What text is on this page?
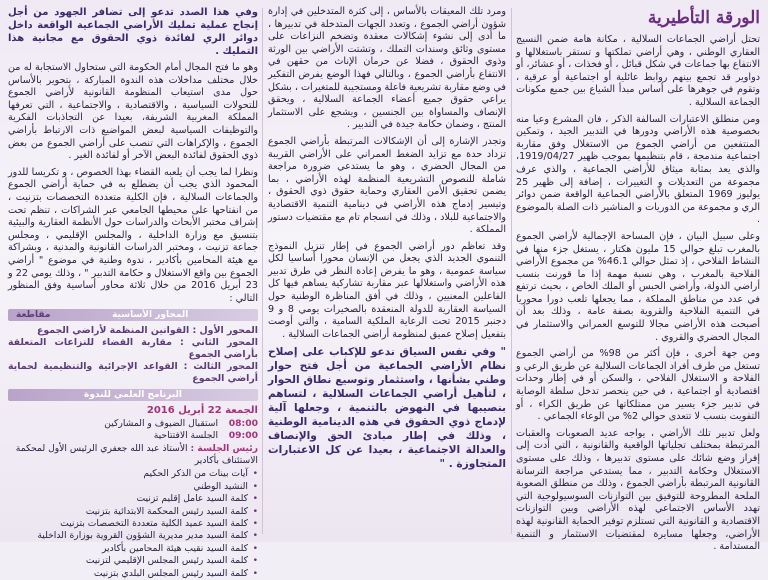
الورقة التأطيرية

تحتل أراضي الجماعات السلالية ، مكانة هامة ضمن النسيج العقاري الوطني ، وهي أراضي تملكتها و تستقر باستغلالها و الانتفاع بها جماعات في شكل قبائل ، أو فخذات ، أو عشائر، أو دواوير قد تجمع بينهم روابط عائلية أو اجتماعية أو عرقية ، وتقوم في جوهرها على أساس مبدأ الشياع بين جميع مكونات الجماعة السلالية .

ومن منطلق الاعتبارات السالفة الذكر ، فان المشرع وعيا منه بخصوصية هذه الأراضي ودورها في التدبير الجيد ، وتمكين المنتفعين من أراضي الجموع من الاستغلال وفق مقاربة اجتماعية مندمجة ، قام بتنظيمها بموجب ظهير 1919/04/27، والذي يعد بمثابة ميثاق للأراضي الجماعية ، والذي عرف مجموعة من التعديلات و التغييرات ، إضافة إلى ظهير 25 يوليوز 1969 المتعلق بالأراضي الجماعية الواقعة ضمن دوائر الري و مجموعة من الدوريات و المناشير ذات الصلة بالموضوع .

وعلى سبيل البيان ، فإن المساحة الإجمالية لأراضي الجموع بالمغرب تبلغ حوالي 15 مليون هكتار ، يستغل جزء منها في النشاط الفلاحي ، إذ تمثل حوالي 46.1% من مجموع الأراضي الفلاحية بالمغرب ، وهي نسبة مهمة إذا ما قورنت بنسب أراضي الدولة، وأراضي الحبس أو الملك الخاص ، بحيث ترتفع في عدد من مناطق المملكة ، مما يجعلها تلعب دورا محوريا في التنمية الفلاحية والقروية بصفة عامة ، وذلك بعد أن أصبحت هذه الأراضي مجالا للتوسع العمراني والاستثمار في المجال الحضري والقروي .

ومن جهة أخرى ، فإن أكثر من 98% من أراضي الجموع تستغل من طرف أفراد الجماعات السلالية عن طريق الرعي و الفلاحة و الاستغلال الفلاحي ، والسكن أو في إطار وحدات اقتصادية أو اجتماعية ، في حين ينحصر تدخل سلطة الوصاية في تدبير جزء يسير من ممتلكاتها عن طريق الكراء ، أو التفويت بنسب لا تتعدى حوالي 2% من الوعاء الجماعي .

ولعل تدبير تلك الأراضي ، يواجه عديد الصعوبات والعقبات المرتبطة بمختلف تجلياتها الواقعية والقانونية ، التي أدت إلى إفراز وضع شائك على مستوى تدبيرها ، وذلك على مستوى الاستغلال وحكامة التدبير ، مما يستدعي مراجعة الترسانة القانونية المرتبطة بأراضي الجموع ، وذلك من منطلق الصعوبة الملحة المطروحة للتوفيق بين التوازنات السوسيولوجية التي تهدد الأساس الاجتماعي لهذه الأراضي وبين التوازنات الاقتصادية و القانونية التي تستلزم توفير الحماية القانونية لهذه الأراضي، وجعلها مسايرة لمقتضيات الاستثمار و التنمية المستدامة .

ومرد تلك المعيقات بالأساس ، إلى كثرة المتدخلين في إدارة شؤون أراضي الجموع ، وتعدد الجهات المتدخلة في تدبيرها ، ما أدى إلى نشوء إشكالات معقدة وتضخم النزاعات على مستوى وثائق وسندات التملك ، وتشتت الأراضي بين الورثة وذوي الحقوق ، فضلا عن حرمان الإناث من حقهن في الانتفاع بأراضي الجموع ، وبالتالي فهذا الوضع يفرض التفكير في وضع مقاربة تشريعية فاعلة ومستجيبة للمتغيرات ، بشكل يراعي حقوق جميع أعضاء الجماعة السلالية ، ويحقق الإنصاف والمساواة بين الجنسين ، ويشجع على الاستثمار المنتج ، وضمان حكامة جيدة في التدبير .

وتجدر الإشارة إلى أن الإشكالات المرتبطة بأراضي الجموع تزداد حدة مع تزايد الضغط العمراني على الأراضي القريبة من المجال الحضري ، وهو ما يستدعي ضرورة مراجعة شاملة للنصوص التشريعية المنظمة لهذه الأراضي ، بما يضمن تحقيق الأمن العقاري وحماية حقوق ذوي الحقوق ، وتيسير إدماج هذه الأراضي في دينامية التنمية الاقتصادية والاجتماعية للبلاد ، وذلك في انسجام تام مع مقتضيات دستور المملكة .

وقد تعاظم دور أراضي الجموع في إطار تنزيل النموذج التنموي الجديد الذي يجعل من الإنسان محورا أساسيا لكل سياسة عمومية ، وهو ما يفرض إعادة النظر في طرق تدبير هذه الأراضي واستغلالها عبر مقاربة تشاركية يساهم فيها كل الفاعلين المعنيين ، وذلك في أفق المناظرة الوطنية حول السياسة العقارية للدولة المنعقدة بالصخيرات يومي 8 و 9 دجنبر 2015 تحت الرعاية الملكية السامية ، والتي أوصت بتفعيل إصلاح عميق لمنظومة أراضي الجماعات السلالية .

" وفي نفس السياق ندعو للإكباب على إصلاح نظام الأراضي الجماعية من أجل فتح حوار وطني بشأنها ، واستثمار وتوسيع نطاق الحوار ، لتأهيل أراضي الجماعات السلالية ، لتساهم بنصيبها في النهوض بالتنمية ، وجعلها آلية لإدماج ذوي الحقوق في هذه الدينامية الوطنية ، وذلك في إطار مبادئ الحق والإنصاف والعدالة الاجتماعية ، بعيدا عن كل الاعتبارات المتجاوزة . "

وفي هذا الصدد تدعو إلى تضافر الجهود من أجل إنجاح عملية تمليك الأراضي الجماعية الواقعة داخل دوائر الري لفائدة ذوي الحقوق مع مجانية هذا التمليك .

وهو ما فتح المجال أمام الحكومة التي ستحاول الاستجابة له من خلال مختلف مداخلات هذه الندوة المباركة ، بتحوير بالأساس حول مدى استيعاب المنظومة القانونية لأراضي الجموع للتحولات السياسية ، والاقتصادية ، والاجتماعية ، التي تعرفها المملكة المغربية الشريفة، بعيدا عن التجاذبات الفكرية والتوظيفات السياسية لبعض المواضيع ذات الارتباط بأراضي الجموع ، والإكراهات التي تنصب على أراضي الجموع من بعض ذوي الحقوق لفائدة البعض الآخر أو لفائدة الغير .

ونظرا لما يجب أن يلعبه القضاء بهذا الخصوص ، و تكريسا للدور المحمود الذي يجب أن يضطلع به في حماية أراضي الجموع والجماعات السلالية ، فإن الكلية متعددة التخصصات بتزنيت ، من انفتاحها على محيطها الجامعي عبر الشراكات ، تنظم تحت إشراف مختبر الأبحاث والدراسات حول الأنظمة العقارية والبيئية بتنسيق مع وزارة الداخلية ، والمجلس الإقليمي ، ومجلس جماعة تزنيت ، ومختبر الدراسات القانونية والمدنية ، وبشراكة مع هيئة المحامين بأكادير ، ندوة وطنية في موضوع " أراضي الجموع بين واقع الاستغلال و حكامة التدبير " ، وذلك يومي 22 و 23 أبريل 2016 من خلال ثلاثة محاور أساسية وفق المنظور التالي :

المحاور الأساسية
مقاطعة

المحور الأول : القوانين المنظمة لأراضي الجموع

المحور الثاني : مقاربة القضاء للنزاعات المتعلقة بأراضي الجموع

المحور الثالث : القواعد الإجرائية والتنظيمية لحماية أراضي الجموع

البرنامج العلمي للندوة
الجمعة 22 أبريل 2016
08:00
استقبال الضيوف و المشاركين
09:00
الجلسة الافتتاحية
رئيس الجلسة : الأستاذ عبد الله جعفري الرئيس الأول لمحكمة الاستئناف بأكادير
• آيات بينات من الذكر الحكيم
• النشيد الوطني
• كلمة السيد عامل إقليم تزنيت
• كلمة السيد رئيس المحكمة الابتدائية بتزنيت
• كلمة السيد عميد الكلية متعددة التخصصات بتزنيت
• كلمة السيد مدير مديرية الشؤون القروية بوزارة الداخلية
• كلمة السيد نقيب هيئة المحامين بأكادير
• كلمة السيد رئيس المجلس الإقليمي لتزنيت
• كلمة السيد رئيس المجلس البلدي بتزنيت
